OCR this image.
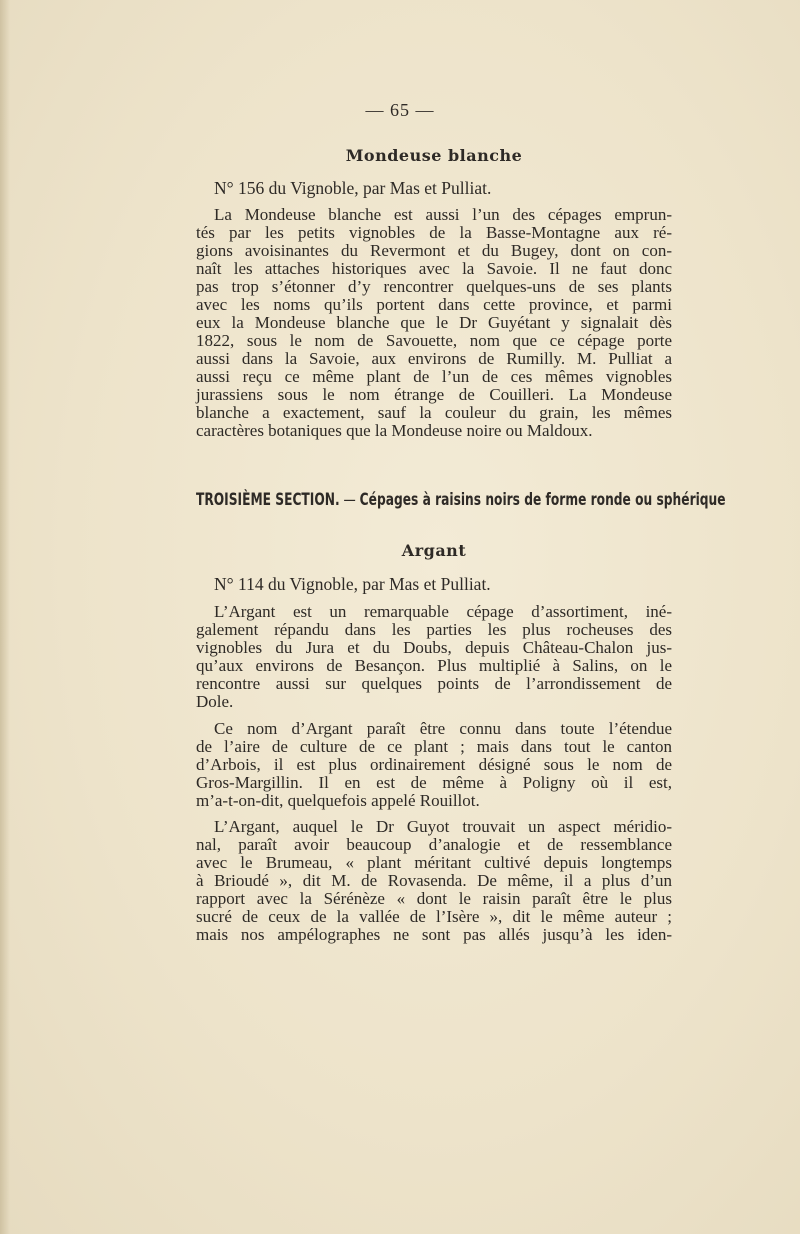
— 65 —
Mondeuse blanche
N° 156 du Vignoble, par Mas et Pulliat.
La Mondeuse blanche est aussi l’un des cépages emprun-
tés par les petits vignobles de la Basse-Montagne aux ré-
gions avoisinantes du Revermont et du Bugey, dont on con-
naît les attaches historiques avec la Savoie. Il ne faut donc
pas trop s’étonner d’y rencontrer quelques-uns de ses plants
avec les noms qu’ils portent dans cette province, et parmi
eux la Mondeuse blanche que le Dr Guyétant y signalait dès
1822, sous le nom de Savouette, nom que ce cépage porte
aussi dans la Savoie, aux environs de Rumilly. M. Pulliat a
aussi reçu ce même plant de l’un de ces mêmes vignobles
jurassiens sous le nom étrange de Couilleri. La Mondeuse
blanche a exactement, sauf la couleur du grain, les mêmes
caractères botaniques que la Mondeuse noire ou Maldoux.
TROISIÈME SECTION. — Cépages à raisins noirs de forme ronde ou sphérique
Argant
N° 114 du Vignoble, par Mas et Pulliat.
L’Argant est un remarquable cépage d’assortiment, iné-
galement répandu dans les parties les plus rocheuses des
vignobles du Jura et du Doubs, depuis Château-Chalon jus-
qu’aux environs de Besançon. Plus multiplié à Salins, on le
rencontre aussi sur quelques points de l’arrondissement de
Dole.
Ce nom d’Argant paraît être connu dans toute l’étendue
de l’aire de culture de ce plant ; mais dans tout le canton
d’Arbois, il est plus ordinairement désigné sous le nom de
Gros-Margillin. Il en est de même à Poligny où il est,
m’a-t-on-dit, quelquefois appelé Rouillot.
L’Argant, auquel le Dr Guyot trouvait un aspect méridio-
nal, paraît avoir beaucoup d’analogie et de ressemblance
avec le Brumeau, « plant méritant cultivé depuis longtemps
à Brioudé », dit M. de Rovasenda. De même, il a plus d’un
rapport avec la Sérénèze « dont le raisin paraît être le plus
sucré de ceux de la vallée de l’Isère », dit le même auteur ;
mais nos ampélographes ne sont pas allés jusqu’à les iden-
